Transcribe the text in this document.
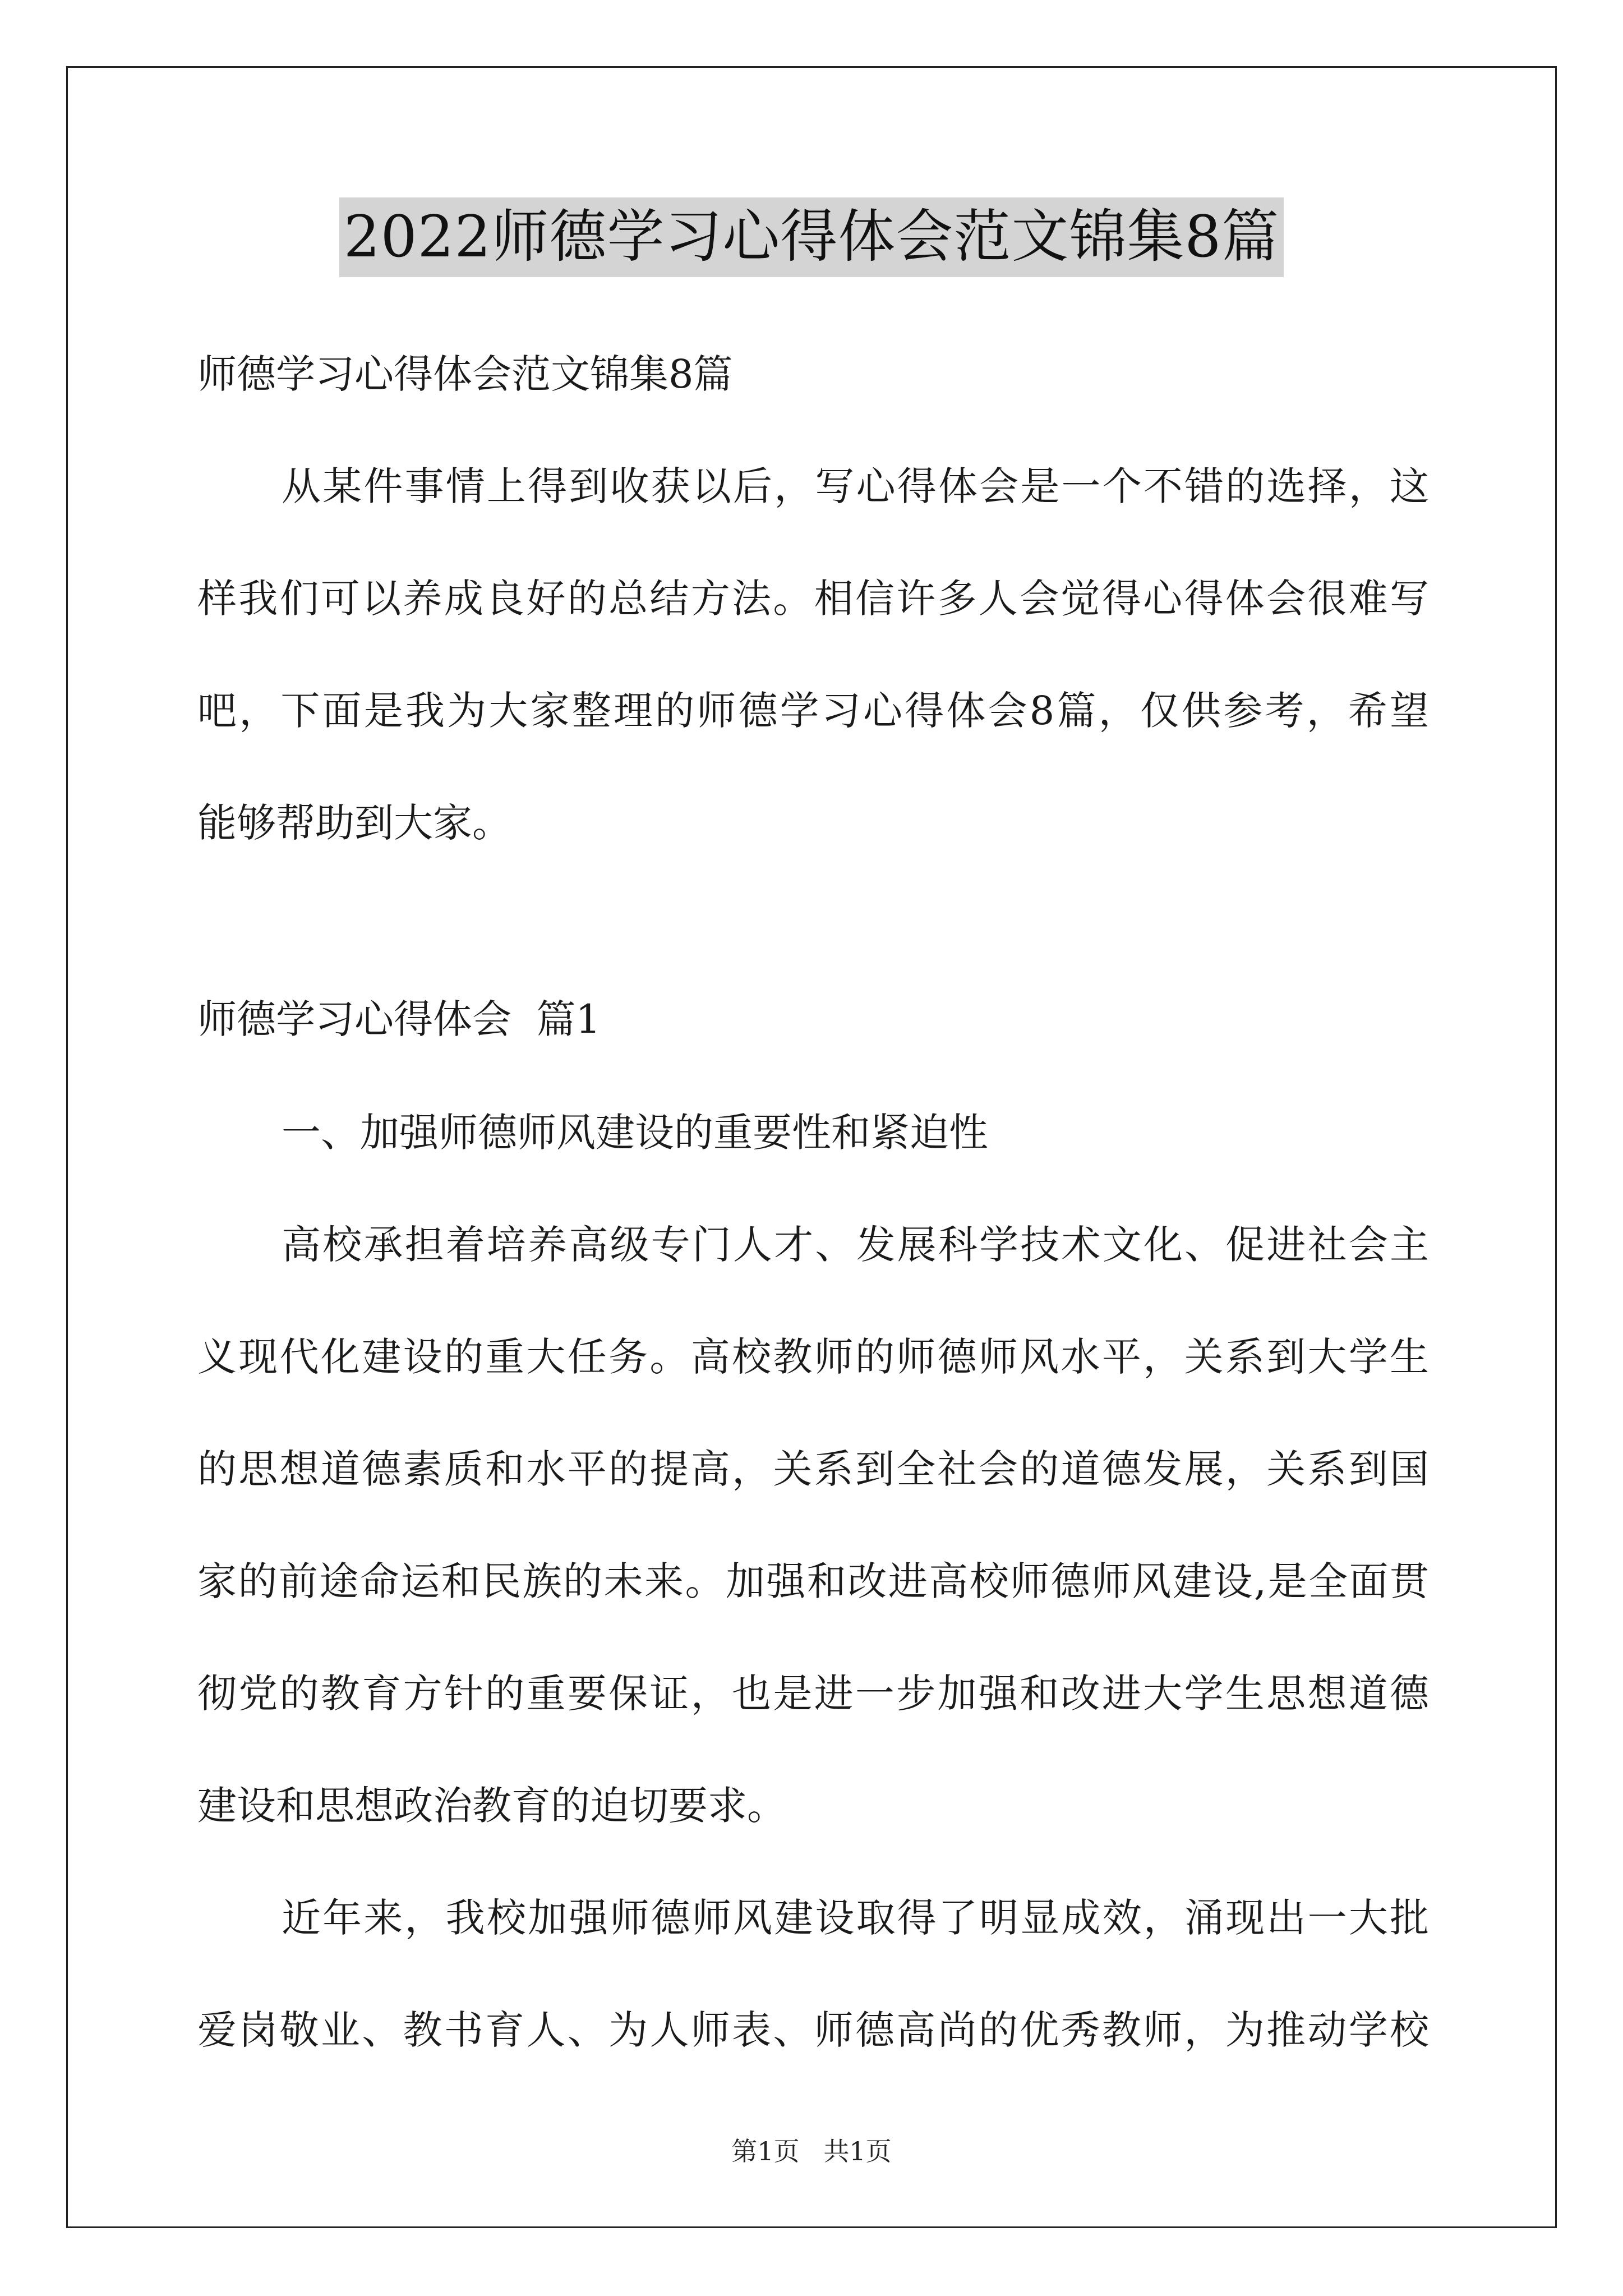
2022师德学习心得体会范文锦集8篇
师德学习心得体会范文锦集8篇
从某件事情上得到收获以后，写心得体会是一个不错的选择，这
样我们可以养成良好的总结方法。相信许多人会觉得心得体会很难写
吧，下面是我为大家整理的师德学习心得体会8篇，仅供参考，希望
能够帮助到大家。
师德学习心得体会  篇1
一、加强师德师风建设的重要性和紧迫性
高校承担着培养高级专门人才、发展科学技术文化、促进社会主
义现代化建设的重大任务。高校教师的师德师风水平，关系到大学生
的思想道德素质和水平的提高，关系到全社会的道德发展，关系到国
家的前途命运和民族的未来。加强和改进高校师德师风建设,是全面贯
彻党的教育方针的重要保证，也是进一步加强和改进大学生思想道德
建设和思想政治教育的迫切要求。
近年来，我校加强师德师风建设取得了明显成效，涌现出一大批
爱岗敬业、教书育人、为人师表、师德高尚的优秀教师，为推动学校
第1页 共1页
